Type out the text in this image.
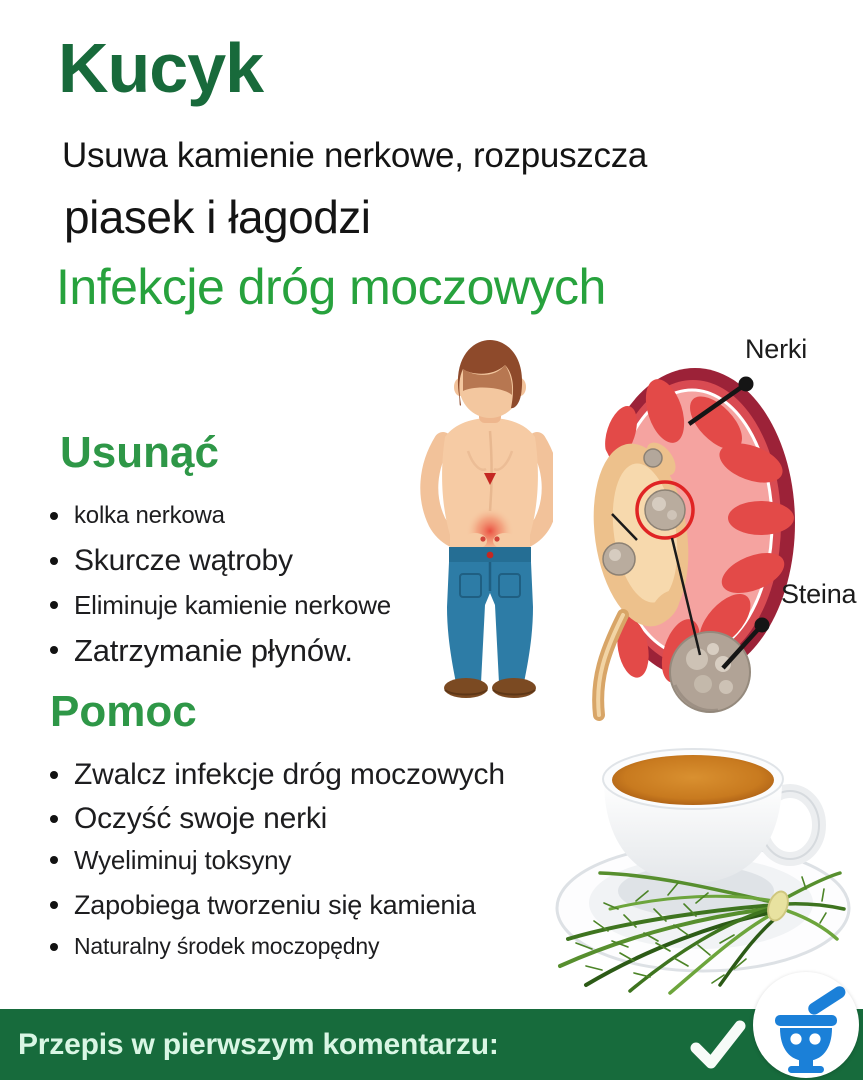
Kucyk

Usuwa kamienie nerkowe, rozpuszcza

piasek i łagodzi

Infekcje dróg moczowych

Nerki
Steina
Usunąć
kolka nerkowa
Skurcze wątroby
Eliminuje kamienie nerkowe
Zatrzymanie płynów.
Pomoc
Zwalcz infekcje dróg moczowych
Oczyść swoje nerki
Wyeliminuj toksyny
Zapobiega tworzeniu się kamienia
Naturalny środek moczopędny
Przepis w pierwszym komentarzu:
